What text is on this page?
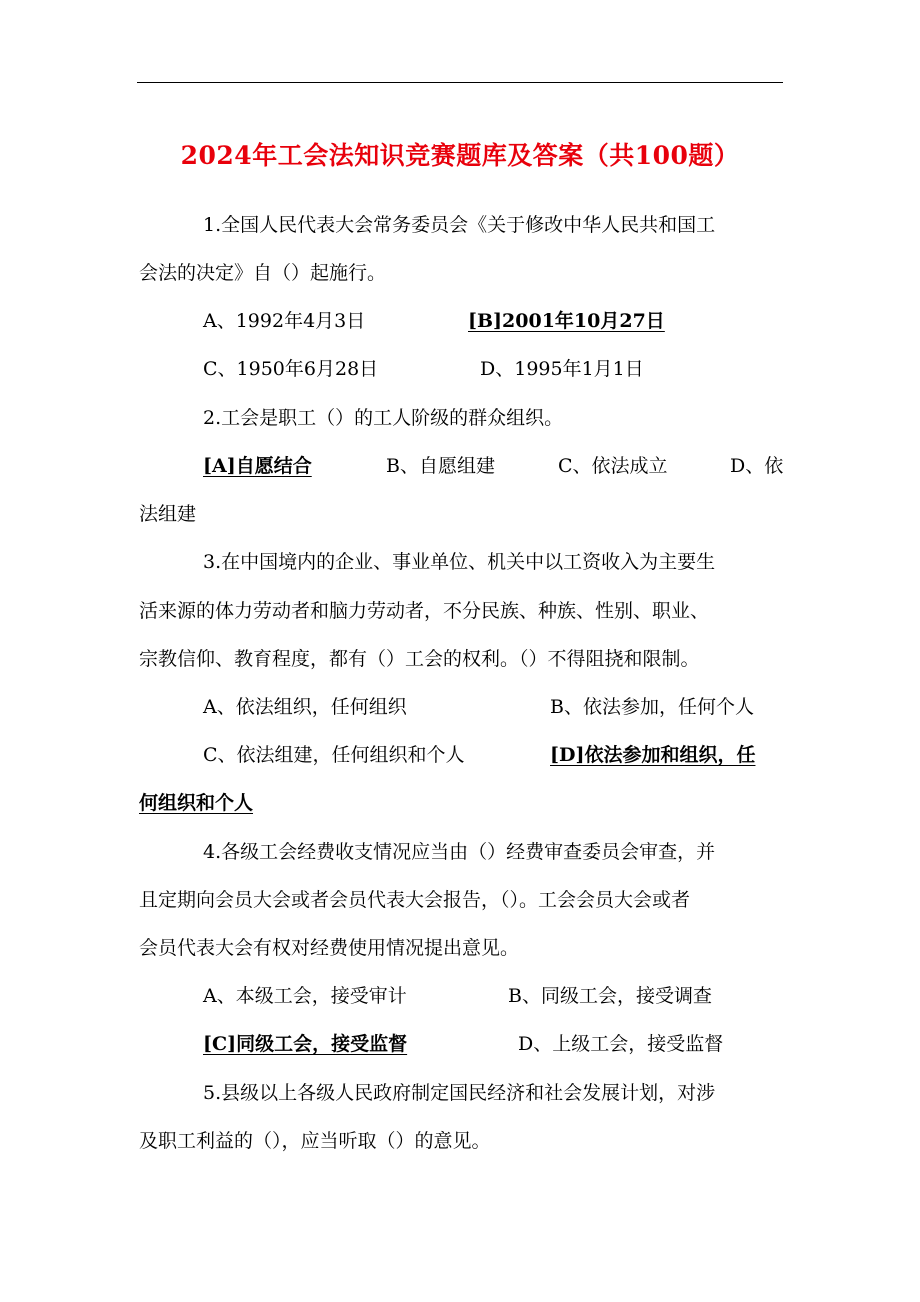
2024年工会法知识竞赛题库及答案（共100题）
1.全国人民代表大会常务委员会《关于修改中华人民共和国工
会法的决定》自（）起施行。
A、1992年4月3日	[B]2001年10月27日
C、1950年6月28日	D、1995年1月1日
2.工会是职工（）的工人阶级的群众组织。
[A]自愿结合	B、自愿组建	C、依法成立	D、依
法组建
3.在中国境内的企业、事业单位、机关中以工资收入为主要生
活来源的体力劳动者和脑力劳动者，不分民族、种族、性别、职业、
宗教信仰、教育程度，都有（）工会的权利。（）不得阻挠和限制。
A、依法组织，任何组织	B、依法参加，任何个人
C、依法组建，任何组织和个人	[D]依法参加和组织，任
何组织和个人
4.各级工会经费收支情况应当由（）经费审查委员会审查，并
且定期向会员大会或者会员代表大会报告，（）。工会会员大会或者
会员代表大会有权对经费使用情况提出意见。
A、本级工会，接受审计	B、同级工会，接受调查
[C]同级工会，接受监督	D、上级工会，接受监督
5.县级以上各级人民政府制定国民经济和社会发展计划，对涉
及职工利益的（），应当听取（）的意见。
